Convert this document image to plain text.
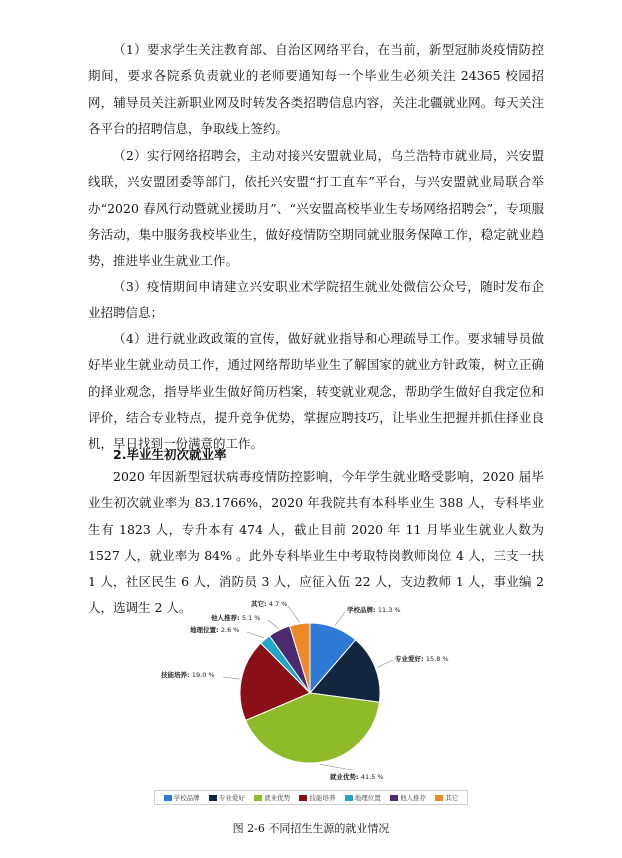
（1）要求学生关注教育部、自治区网络平台，在当前，新型冠肺炎疫情防控期间，要求各院系负责就业的老师要通知每一个毕业生必须关注 24365 校园招网，辅导员关注新职业网及时转发各类招聘信息内容，关注北疆就业网。每天关注各平台的招聘信息，争取线上签约。

（2）实行网络招聘会，主动对接兴安盟就业局，乌兰浩特市就业局，兴安盟线联，兴安盟团委等部门，依托兴安盟“打工直车”平台，与兴安盟就业局联合举办“2020 春风行动暨就业援助月”、“兴安盟高校毕业生专场网络招聘会”，专项服务活动，集中服务我校毕业生，做好疫情防空期同就业服务保障工作，稳定就业趋势，推进毕业生就业工作。

（3）疫情期间申请建立兴安职业术学院招生就业处微信公众号，随时发布企业招聘信息；

（4）进行就业政政策的宣传，做好就业指导和心理疏导工作。要求辅导员做好毕业生就业动员工作，通过网络帮助毕业生了解国家的就业方针政策，树立正确的择业观念，指导毕业生做好简历档案，转变就业观念，帮助学生做好自我定位和评价，结合专业特点，提升竞争优势，掌握应聘技巧，让毕业生把握并抓住择业良机，早日找到一份满意的工作。

2.毕业生初次就业率

2020 年因新型冠状病毒疫情防控影响，今年学生就业略受影响，2020 届毕业生初次就业率为 83.1766%，2020 年我院共有本科毕业生 388 人，专科毕业生有 1823 人，专升本有 474 人，截止目前 2020 年 11 月毕业生就业人数为 1527 人，就业率为 84% 。此外专科毕业生中考取特岗教师岗位 4 人，三支一扶 1 人，社区民生 6 人，消防员 3 人，应征入伍 22 人，支边教师 1 人，事业编 2 人，选调生 2 人。	学校品牌: 11.3 %
专业爱好: 15.8 %
就业优势: 41.5 %
技能培养: 19.0 %
地理位置: 2.6 %
他人推荐: 5.1 %
其它: 4.7 %
学校品牌	专业爱好	就业优势	技能培养	地理位置	他人推荐	其它

图 2-6 不同招生生源的就业情况
